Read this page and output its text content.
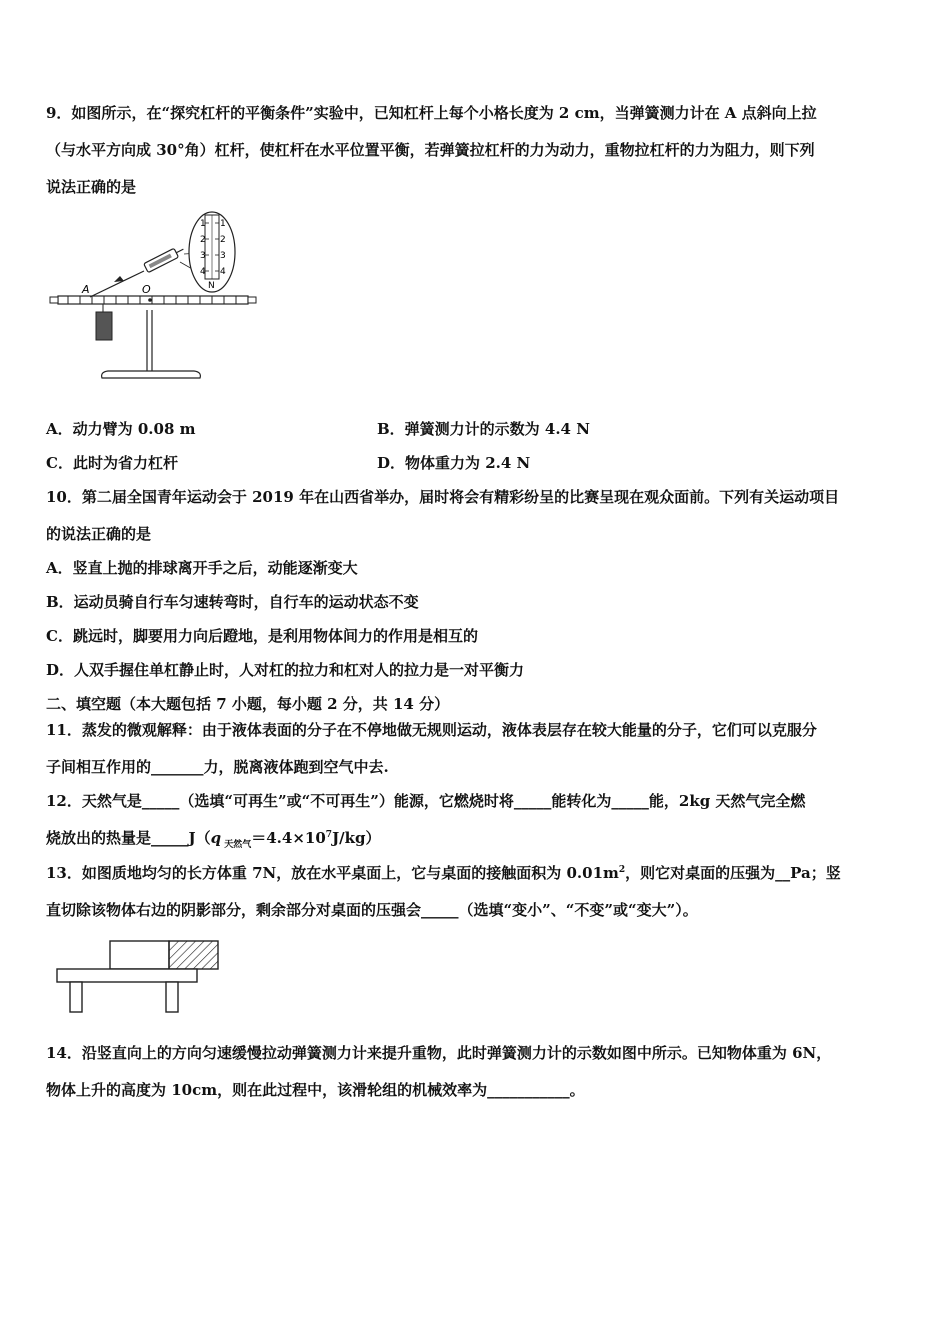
9．如图所示，在“探究杠杆的平衡条件”实验中，已知杠杆上每个小格长度为 2 cm，当弹簧测力计在 A 点斜向上拉
（与水平方向成 30°角）杠杆，使杠杆在水平位置平衡，若弹簧拉杠杆的力为动力，重物拉杠杆的力为阻力，则下列
说法正确的是
1
2
3
4
1
2
3
4
N
A	O
A．动力臂为 0.08 m	B．弹簧测力计的示数为 4.4 N
C．此时为省力杠杆	D．物体重力为 2.4 N
10．第二届全国青年运动会于 2019 年在山西省举办，届时将会有精彩纷呈的比赛呈现在观众面前。下列有关运动项目
的说法正确的是
A．竖直上抛的排球离开手之后，动能逐渐变大
B．运动员骑自行车匀速转弯时，自行车的运动状态不变
C．跳远时，脚要用力向后蹬地，是利用物体间力的作用是相互的
D．人双手握住单杠静止时，人对杠的拉力和杠对人的拉力是一对平衡力
二、填空题（本大题包括 7 小题，每小题 2 分，共 14 分）
11．蒸发的微观解释：由于液体表面的分子在不停地做无规则运动，液体表层存在较大能量的分子，它们可以克服分
子间相互作用的_______力，脱离液体跑到空气中去.
12．天然气是_____（选填“可再生”或“不可再生”）能源，它燃烧时将_____能转化为_____能，2kg 天然气完全燃
烧放出的热量是_____J（q $_{天然气}=4.4\times 10^7J/kg$）
13．如图质地均匀的长方体重 7N，放在水平桌面上，它与桌面的接触面积为 $0.01m^2$，则它对桌面的压强为__Pa；竖
直切除该物体右边的阴影部分，剩余部分对桌面的压强会_____（选填“变小”、“不变”或“变大”）。
14．沿竖直向上的方向匀速缓慢拉动弹簧测力计来提升重物，此时弹簧测力计的示数如图中所示。已知物体重为 6N，
物体上升的高度为 10cm，则在此过程中，该滑轮组的机械效率为___________。
